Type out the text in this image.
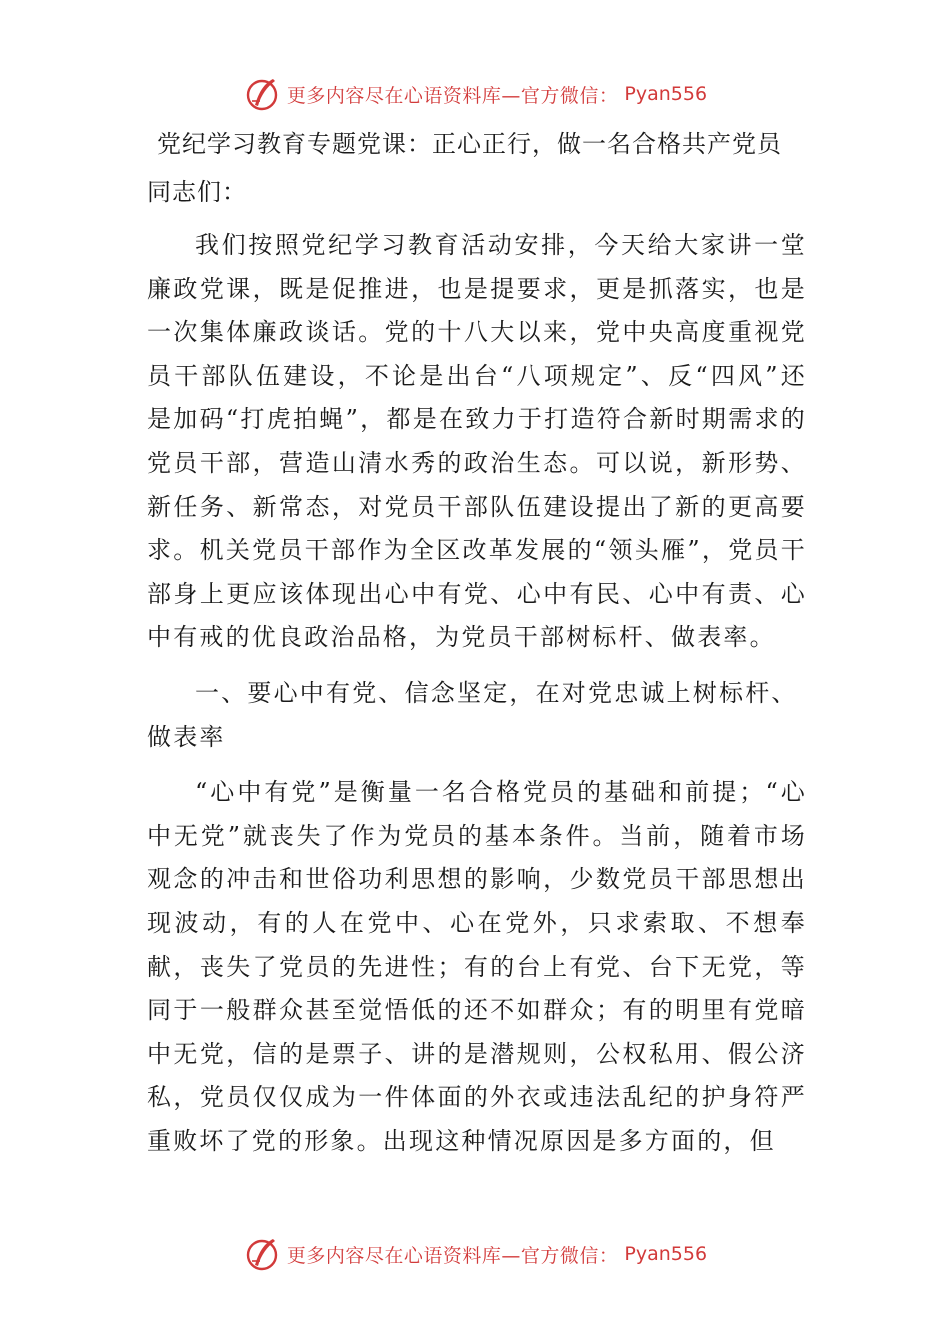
更多内容尽在心语资料库—官方微信： Pyan556
党纪学习教育专题党课：正心正行，做一名合格共产党员

同志们：

我们按照党纪学习教育活动安排，今天给大家讲一堂廉政党课，既是促推进，也是提要求，更是抓落实，也是一次集体廉政谈话。党的十八大以来，党中央高度重视党员干部队伍建设，不论是出台“八项规定”、反“四风”还是加码“打虎拍蝇”，都是在致力于打造符合新时期需求的党员干部，营造山清水秀的政治生态。可以说，新形势、新任务、新常态，对党员干部队伍建设提出了新的更高要求。机关党员干部作为全区改革发展的“领头雁”，党员干部身上更应该体现出心中有党、心中有民、心中有责、心中有戒的优良政治品格，为党员干部树标杆、做表率。

一、要心中有党、信念坚定，在对党忠诚上树标杆、做表率

“心中有党”是衡量一名合格党员的基础和前提；“心中无党”就丧失了作为党员的基本条件。当前，随着市场观念的冲击和世俗功利思想的影响，少数党员干部思想出现波动，有的人在党中、心在党外，只求索取、不想奉献，丧失了党员的先进性；有的台上有党、台下无党，等同于一般群众甚至觉悟低的还不如群众；有的明里有党暗中无党，信的是票子、讲的是潜规则，公权私用、假公济私，党员仅仅成为一件体面的外衣或违法乱纪的护身符严重败坏了党的形象。出现这种情况原因是多方面的，但

更多内容尽在心语资料库—官方微信： Pyan556
